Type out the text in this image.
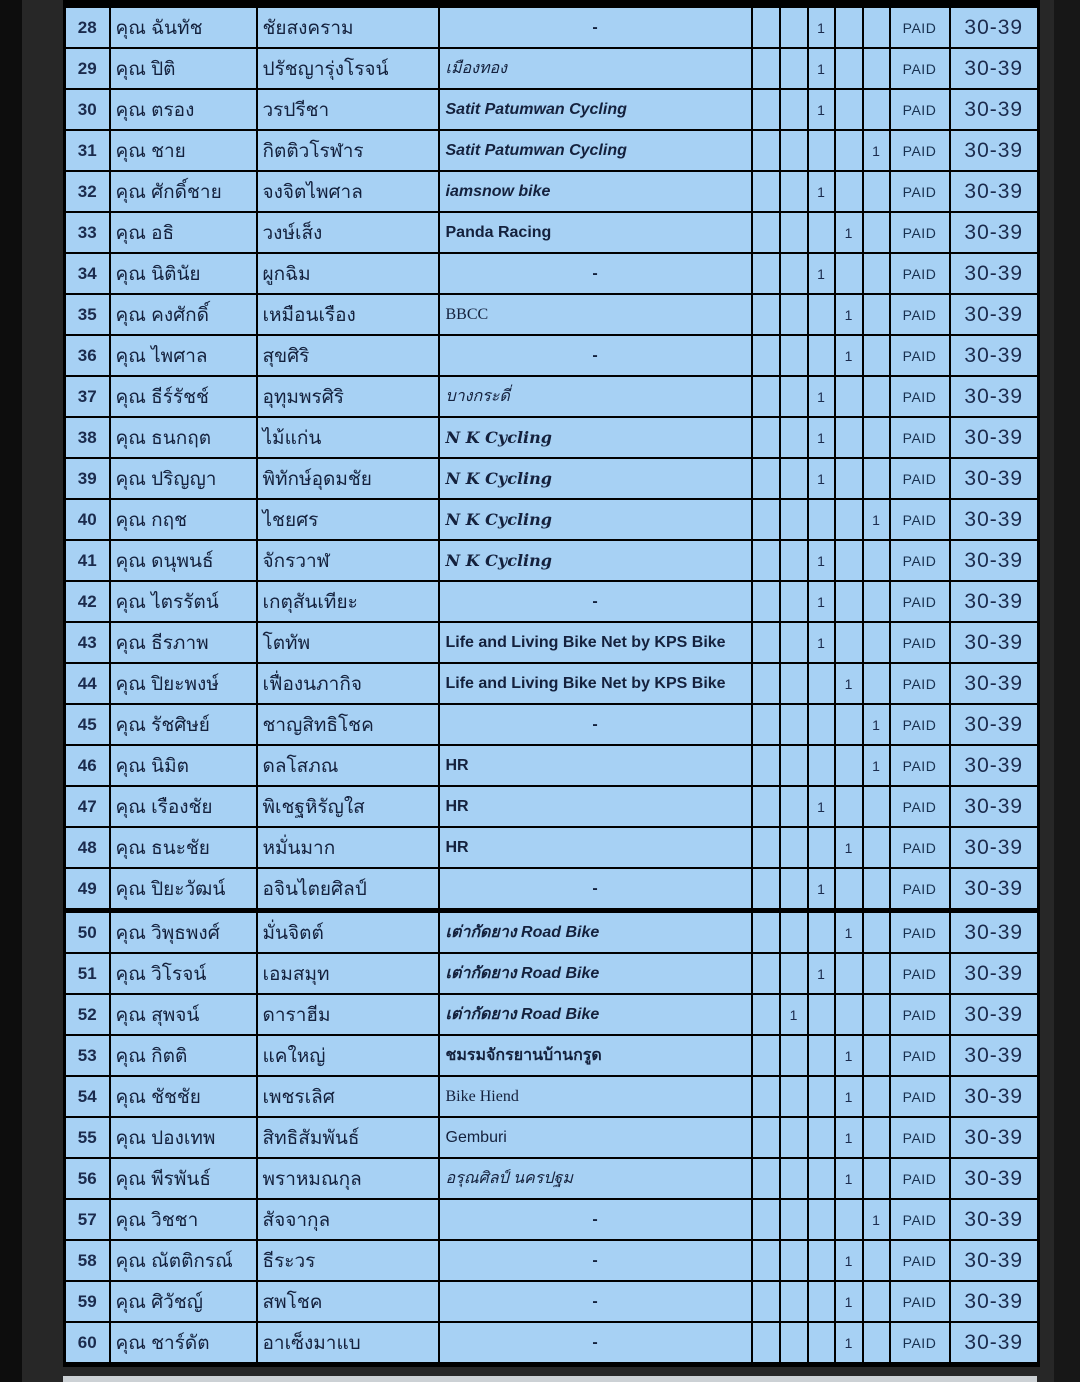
28	คุณ ฉันทัช	ชัยสงคราม	-			1			PAID	30-39
29	คุณ ปิติ	ปรัชญารุ่งโรจน์	เมืองทอง			1			PAID	30-39
30	คุณ ตรอง	วรปรีชา	Satit Patumwan Cycling			1			PAID	30-39
31	คุณ ชาย	กิตติวโรฬาร	Satit Patumwan Cycling					1	PAID	30-39
32	คุณ ศักดิ์ชาย	จงจิตไพศาล	iamsnow bike			1			PAID	30-39
33	คุณ อธิ	วงษ์เส็ง	Panda Racing				1		PAID	30-39
34	คุณ นิตินัย	ผูกฉิม	-			1			PAID	30-39
35	คุณ คงศักดิ์	เหมือนเรือง	BBCC				1		PAID	30-39
36	คุณ ไพศาล	สุขศิริ	-				1		PAID	30-39
37	คุณ ธีร์รัชช์	อุทุมพรศิริ	บางกระดี่			1			PAID	30-39
38	คุณ ธนกฤต	ไม้แก่น	N K Cycling			1			PAID	30-39
39	คุณ ปริญญา	พิทักษ์อุดมชัย	N K Cycling			1			PAID	30-39
40	คุณ กฤช	ไชยศร	N K Cycling					1	PAID	30-39
41	คุณ ดนุพนธ์	จักรวาฬ	N K Cycling			1			PAID	30-39
42	คุณ ไตรรัตน์	เกตุสันเทียะ	-			1			PAID	30-39
43	คุณ ธีรภาพ	โตทัพ	Life and Living Bike Net by KPS Bike			1			PAID	30-39
44	คุณ ปิยะพงษ์	เฟื่องนภากิจ	Life and Living Bike Net by KPS Bike				1		PAID	30-39
45	คุณ รัชศิษย์	ชาญสิทธิโชค	-					1	PAID	30-39
46	คุณ นิมิต	ดลโสภณ	HR					1	PAID	30-39
47	คุณ เรืองชัย	พิเชฐหิรัญใส	HR			1			PAID	30-39
48	คุณ ธนะชัย	หมั่นมาก	HR				1		PAID	30-39
49	คุณ ปิยะวัฒน์	อจินไตยศิลป์	-			1			PAID	30-39
50	คุณ วิพุธพงศ์	มั่นจิตต์	เต่ากัดยาง Road Bike				1		PAID	30-39
51	คุณ วิโรจน์	เอมสมุท	เต่ากัดยาง Road Bike			1			PAID	30-39
52	คุณ สุพจน์	ดาราฮีม	เต่ากัดยาง Road Bike		1				PAID	30-39
53	คุณ กิตติ	แคใหญ่	ชมรมจักรยานบ้านกรูด				1		PAID	30-39
54	คุณ ชัชชัย	เพชรเลิศ	Bike Hiend				1		PAID	30-39
55	คุณ ปองเทพ	สิทธิสัมพันธ์	Gemburi				1		PAID	30-39
56	คุณ พีรพันธ์	พราหมณกุล	อรุณศิลป์ นครปฐม				1		PAID	30-39
57	คุณ วิชชา	สัจจากุล	-					1	PAID	30-39
58	คุณ ณัตติกรณ์	ธีระวร	-				1		PAID	30-39
59	คุณ ศิวัชญ์	สพโชค	-				1		PAID	30-39
60	คุณ ชาร์ดัต	อาเซ็งมาแบ	-				1		PAID	30-39
